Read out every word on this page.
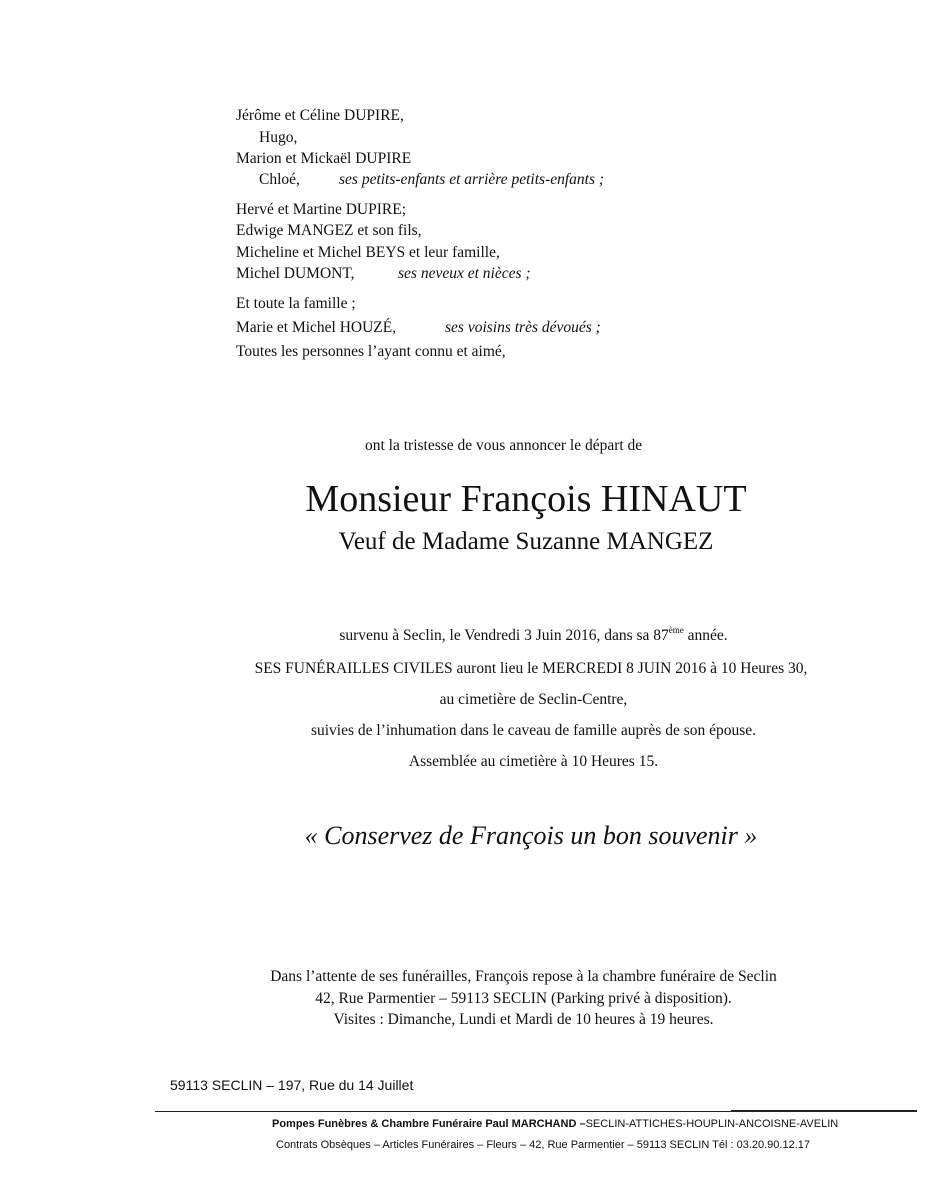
Jérôme et Céline DUPIRE,
Hugo,
Marion et Mickaël DUPIRE
Chloé,	ses petits-enfants et arrière petits-enfants ;
Hervé et Martine DUPIRE;
Edwige MANGEZ et son fils,
Micheline et Michel BEYS et leur famille,
Michel DUMONT,	ses neveux et nièces ;
Et toute la famille ;
Marie et Michel HOUZÉ,	ses voisins très dévoués ;
Toutes les personnes l’ayant connu et aimé,
ont la tristesse de vous annoncer le départ de
Monsieur François HINAUT
Veuf de Madame Suzanne MANGEZ
survenu à Seclin, le Vendredi 3 Juin 2016, dans sa 87ème année.
SES FUNÉRAILLES CIVILES auront lieu le MERCREDI 8 JUIN 2016 à 10 Heures 30,
au cimetière de Seclin-Centre,
suivies de l’inhumation dans le caveau de famille auprès de son épouse.
Assemblée au cimetière à 10 Heures 15.
« Conservez de François un bon souvenir »
Dans l’attente de ses funérailles, François repose à la chambre funéraire de Seclin
42, Rue Parmentier – 59113 SECLIN (Parking privé à disposition).
Visites : Dimanche, Lundi et Mardi de 10 heures à 19 heures.
59113 SECLIN – 197, Rue du 14 Juillet
Pompes Funèbres & Chambre Funéraire Paul MARCHAND –SECLIN-ATTICHES-HOUPLIN-ANCOISNE-AVELIN
Contrats Obsèques – Articles Funéraires – Fleurs – 42, Rue Parmentier – 59113 SECLIN Tél : 03.20.90.12.17
